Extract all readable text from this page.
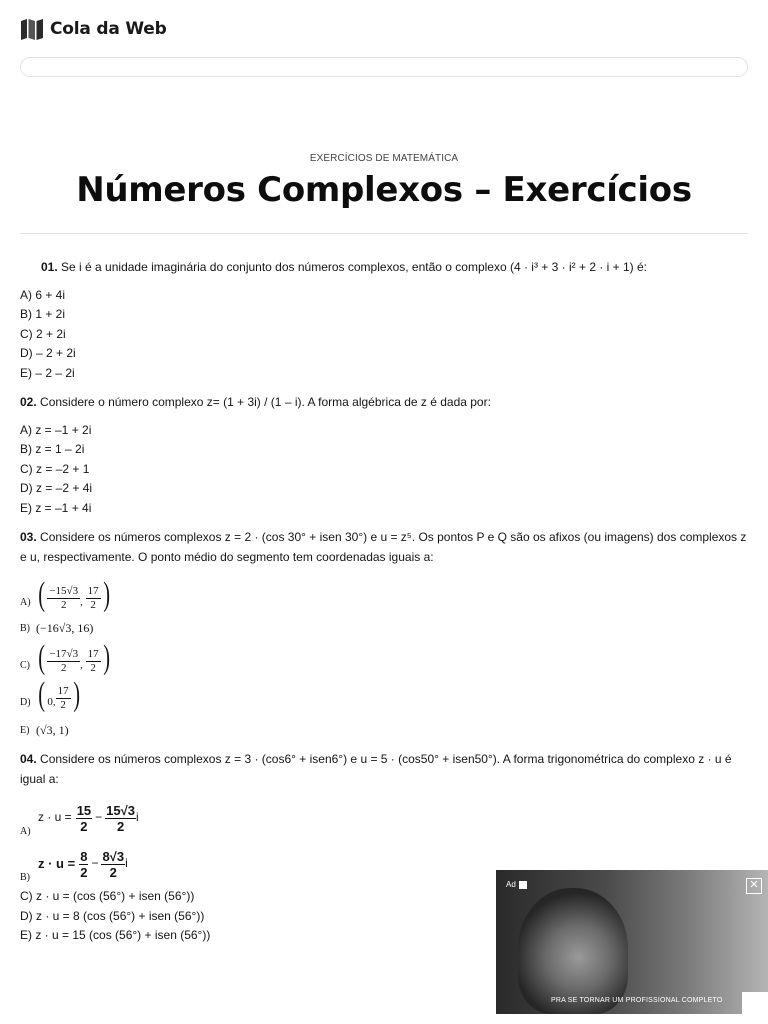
Cola da Web
EXERCÍCIOS DE MATEMÁTICA
Números Complexos – Exercícios

01. Se i é a unidade imaginária do conjunto dos números complexos, então o complexo (4 · i³ + 3 · i² + 2 · i + 1) é:

A) 6 + 4i

B) 1 + 2i

C) 2 + 2i

D) – 2 + 2i

E) – 2 – 2i

02. Considere o número complexo z= (1 + 3i) / (1 – i). A forma algébrica de z é dada por:

A) z = –1 + 2i

B) z = 1 – 2i

C) z = –2 + 1

D) z = –2 + 4i

E) z = –1 + 4i

03. Considere os números complexos z = 2 · (cos 30° + isen 30°) e u = z⁵. Os pontos P e Q são os afixos (ou imagens) dos complexos z e u, respectivamente. O ponto médio do segmento tem coordenadas iguais a:

A) ( $\frac{-15√3}{2}$ , $\frac{17}{2}$ )
B) (−16√3, 16)
C) ( $\frac{-17√3}{2}$ , $\frac{17}{2}$ )
D) ( 0, $\frac{17}{2}$ )
E) (√3, 1)

04. Considere os números complexos z = 3 · (cos6° + isen6°) e u = 5 · (cos50° + isen50°). A forma trigonométrica do complexo z · u é igual a:

A)
$z \cdot u = \frac{15}{2} - \frac{15√3}{2}$ i
B)
$z \cdot u = \frac{8}{2} - \frac{8√3}{2}$ i

C) z · u = (cos (56°) + isen (56°))

D) z · u = 8 (cos (56°) + isen (56°))

E) z · u = 15 (cos (56°) + isen (56°))

Ad	✕
PRA SE TORNAR UM PROFISSIONAL COMPLETO
